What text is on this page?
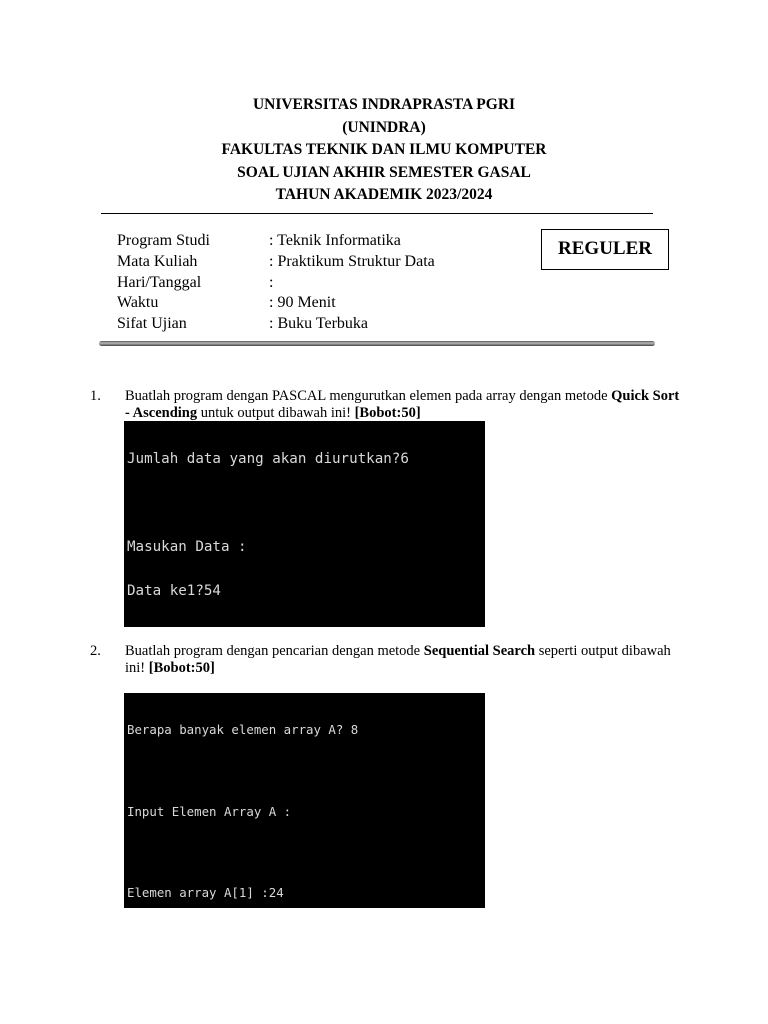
UNIVERSITAS INDRAPRASTA PGRI
(UNINDRA)
FAKULTAS TEKNIK DAN ILMU KOMPUTER
SOAL UJIAN AKHIR SEMESTER GASAL
TAHUN AKADEMIK 2023/2024
Program Studi	: Teknik Informatika
Mata Kuliah	: Praktikum Struktur Data
Hari/Tanggal	:
Waktu	: 90 Menit
Sifat Ujian	: Buku Terbuka
REGULER
1. Buatlah program dengan PASCAL mengurutkan elemen pada array dengan metode Quick Sort - Ascending untuk output dibawah ini! [Bobot:50]

Jumlah data yang akan diurutkan?6

Masukan Data :

Data ke1?54

2. Buatlah program dengan pencarian dengan metode Sequential Search seperti output dibawah ini! [Bobot:50]

Berapa banyak elemen array A? 8

Input Elemen Array A :

Elemen array A[1] :24
